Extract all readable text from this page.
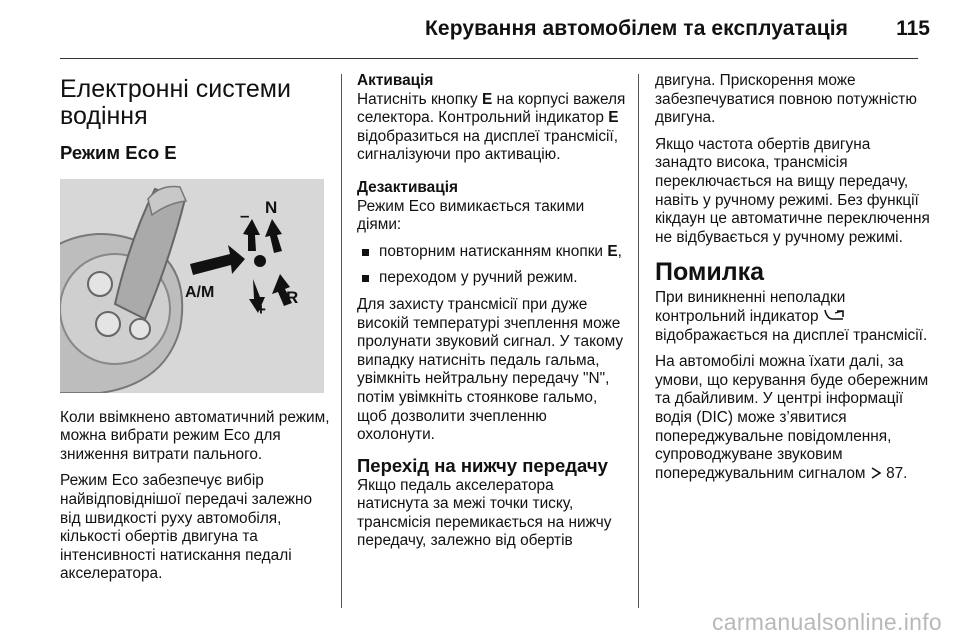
Керування автомобілем та експлуатація 115
Електронні системи водіння
Режим Eco E
N
–
A/M	R
+

Коли ввімкнено автоматичний режим, можна вибрати режим Eco для зниження витрати пального.

Режим Eco забезпечує вибір найвідповіднішої передачі залежно від швидкості руху автомобіля, кількості обертів двигуна та інтенсивності натискання педалі акселератора.

Активація
Натисніть кнопку E на корпусі важеля селектора. Контрольний індикатор E відобразиться на дисплеї трансмісії, сигналізуючи про активацію.

Дезактивація
Режим Eco вимикається такими діями:

повторним натисканням кнопки E,
переходом у ручний режим.

Для захисту трансмісії при дуже високій температурі зчеплення може пролунати звуковий сигнал. У такому випадку натисніть педаль гальма, увімкніть нейтральну передачу "N", потім увімкніть стоянкове гальмо, щоб дозволити зчепленню охолонути.

Перехід на нижчу передачу

Якщо педаль акселератора натиснута за межі точки тиску, трансмісія перемикається на нижчу передачу, залежно від обертів

двигуна. Прискорення може забезпечуватися повною потужністю двигуна.

Якщо частота обертів двигуна занадто висока, трансмісія переключається на вищу передачу, навіть у ручному режимі. Без функції кікдаун це автоматичне переключення не відбувається у ручному режимі.

Помилка

При виникненні неполадки контрольний індикатор  відображається на дисплеї трансмісії.

На автомобілі можна їхати далі, за умови, що керування буде обережним та дбайливим. У центрі інформації водія (DIC) може з’явитися попереджувальне повідомлення, супроводжуване звуковим попереджувальним сигналом 87.

carmanualsonline.info
